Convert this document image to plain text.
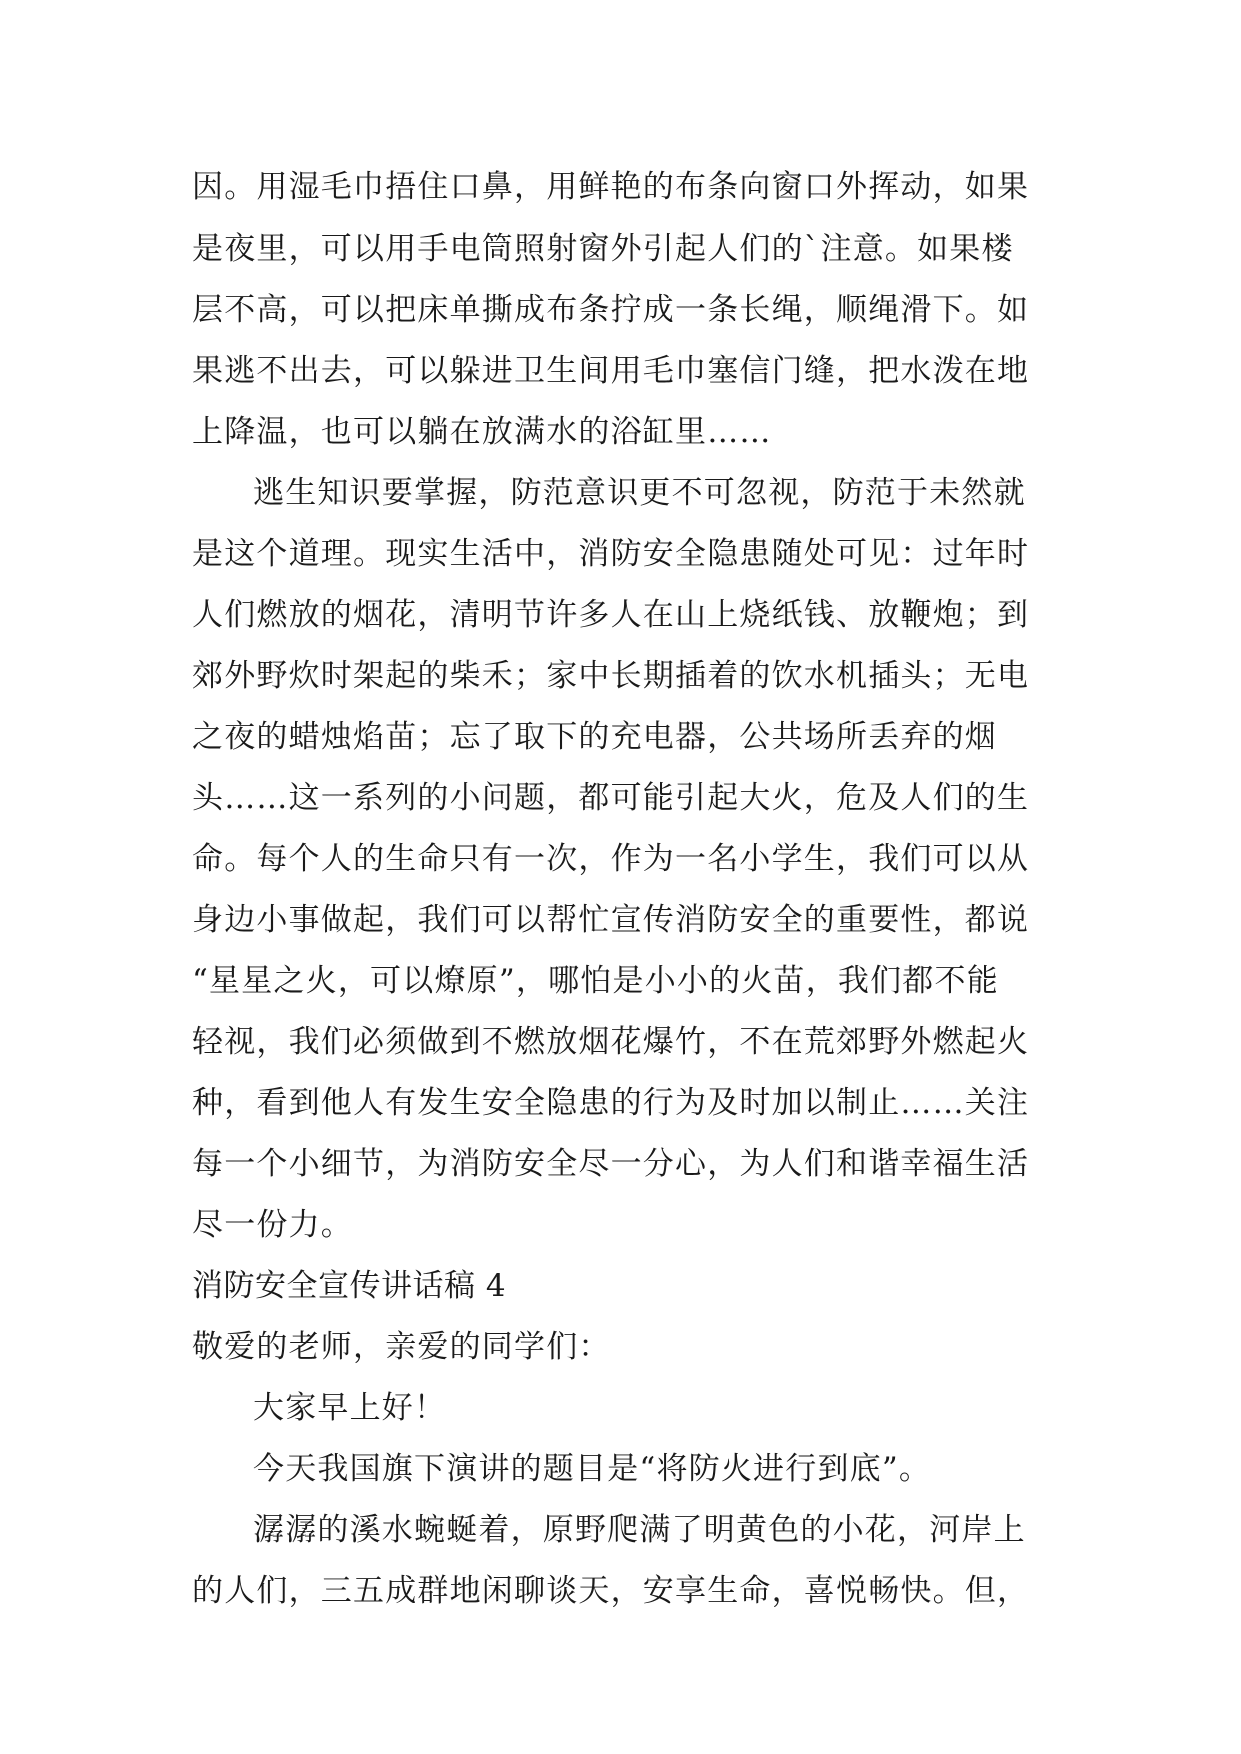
因。用湿毛巾捂住口鼻，用鲜艳的布条向窗口外挥动，如果
是夜里，可以用手电筒照射窗外引起人们的`注意。如果楼
层不高，可以把床单撕成布条拧成一条长绳，顺绳滑下。如
果逃不出去，可以躲进卫生间用毛巾塞信门缝，把水泼在地
上降温，也可以躺在放满水的浴缸里……
逃生知识要掌握，防范意识更不可忽视，防范于未然就
是这个道理。现实生活中，消防安全隐患随处可见：过年时
人们燃放的烟花，清明节许多人在山上烧纸钱、放鞭炮；到
郊外野炊时架起的柴禾；家中长期插着的饮水机插头；无电
之夜的蜡烛焰苗；忘了取下的充电器，公共场所丢弃的烟
头……这一系列的小问题，都可能引起大火，危及人们的生
命。每个人的生命只有一次，作为一名小学生，我们可以从
身边小事做起，我们可以帮忙宣传消防安全的重要性，都说
“星星之火，可以燎原”，哪怕是小小的火苗，我们都不能
轻视，我们必须做到不燃放烟花爆竹，不在荒郊野外燃起火
种，看到他人有发生安全隐患的行为及时加以制止……关注
每一个小细节，为消防安全尽一分心，为人们和谐幸福生活
尽一份力。
消防安全宣传讲话稿 4
敬爱的老师，亲爱的同学们：
大家早上好！
今天我国旗下演讲的题目是“将防火进行到底”。
潺潺的溪水蜿蜒着，原野爬满了明黄色的小花，河岸上
的人们，三五成群地闲聊谈天，安享生命，喜悦畅快。但，
